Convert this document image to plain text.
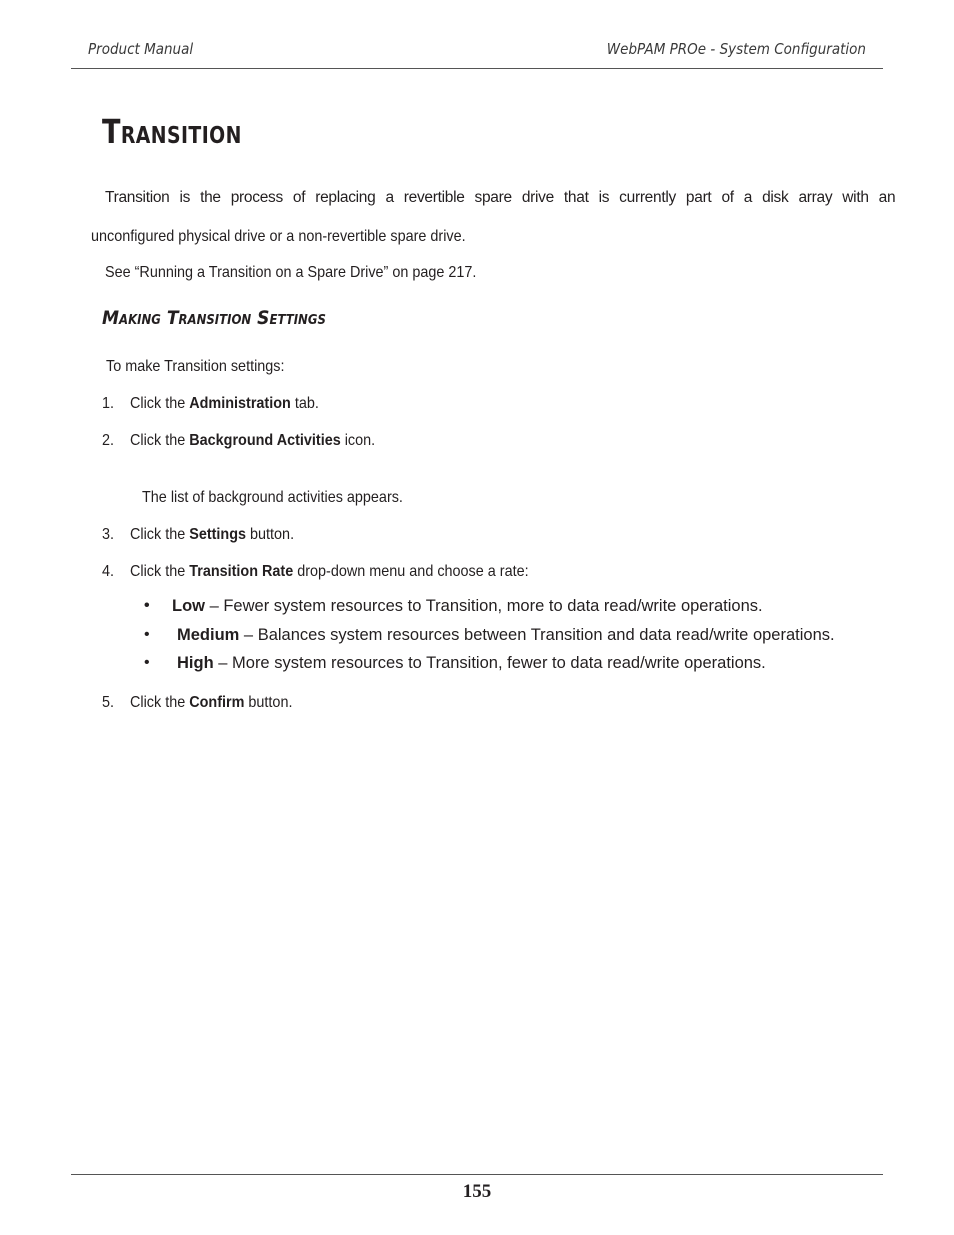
Product Manual	WebPAM PROe - System Configuration
Transition
Transition is the process of replacing a revertible spare drive that is currently part of a disk array with an
unconfigured physical drive or a non-revertible spare drive.
See “Running a Transition on a Spare Drive” on page 217.
Making Transition Settings
To make Transition settings:
1. Click the Administration tab.
2. Click the Background Activities icon.
The list of background activities appears.
3. Click the Settings button.
4. Click the Transition Rate drop-down menu and choose a rate:
• Low – Fewer system resources to Transition, more to data read/write operations.
• Medium – Balances system resources between Transition and data read/write operations.
• High – More system resources to Transition, fewer to data read/write operations.
5. Click the Confirm button.
155
